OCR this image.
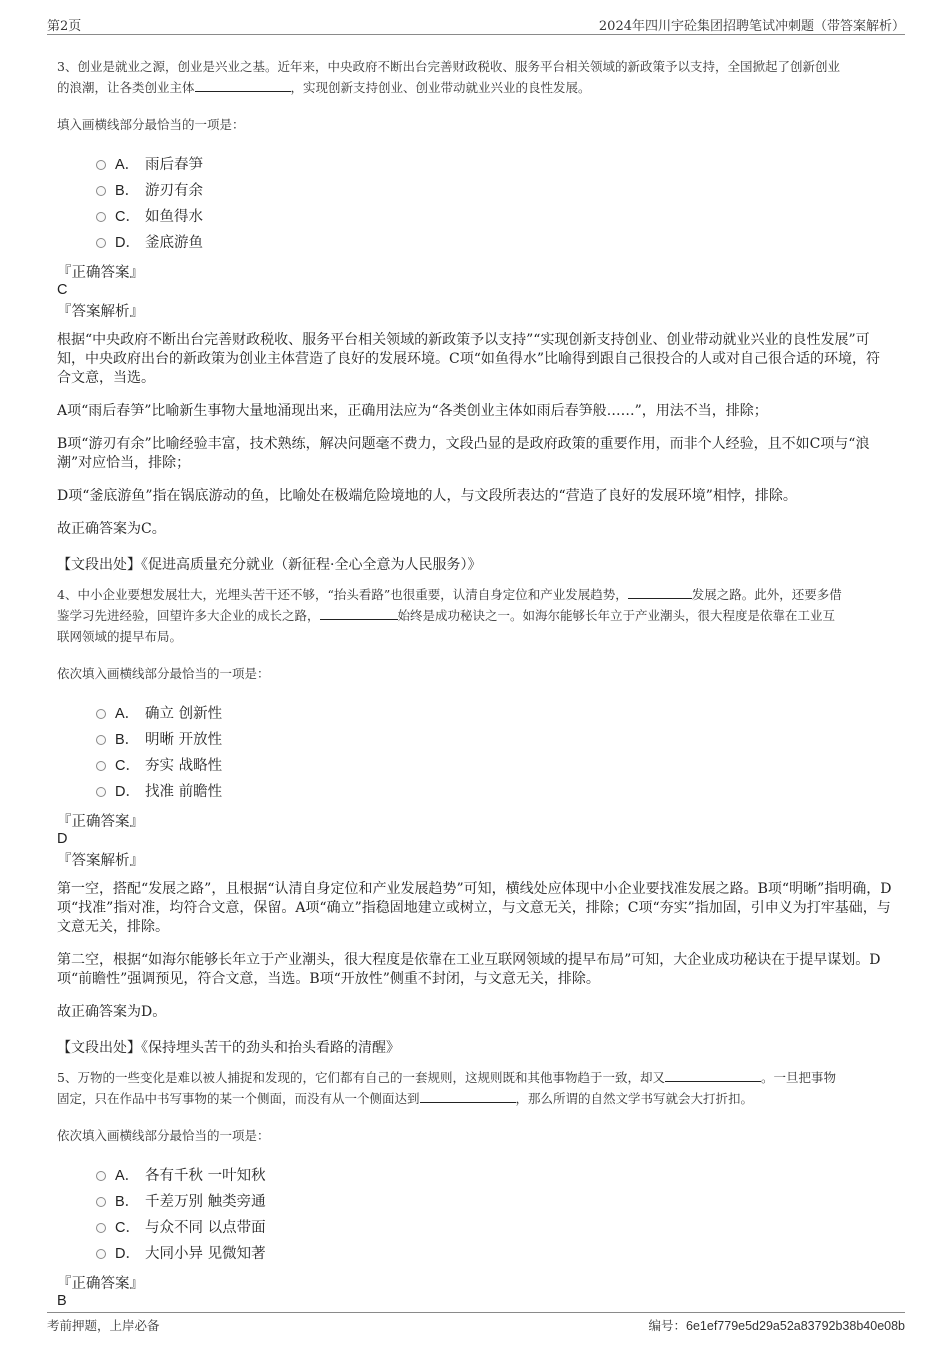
第2页	2024年四川宇砼集团招聘笔试冲刺题（带答案解析）

3、创业是就业之源，创业是兴业之基。近年来，中央政府不断出台完善财政税收、服务平台相关领域的新政策予以支持，全国掀起了创新创业
的浪潮，让各类创业主体	，实现创新支持创业、创业带动就业兴业的良性发展。

填入画横线部分最恰当的一项是：

A． 雨后春笋
B． 游刃有余
C． 如鱼得水
D． 釜底游鱼

『正确答案』

C

『答案解析』

根据“中央政府不断出台完善财政税收、服务平台相关领域的新政策予以支持”“实现创新支持创业、创业带动就业兴业的良性发展”可知，中央政府出台的新政策为创业主体营造了良好的发展环境。C项“如鱼得水”比喻得到跟自己很投合的人或对自己很合适的环境，符合文意，当选。

A项“雨后春笋”比喻新生事物大量地涌现出来，正确用法应为“各类创业主体如雨后春笋般……”，用法不当，排除；

B项“游刃有余”比喻经验丰富，技术熟练，解决问题毫不费力，文段凸显的是政府政策的重要作用，而非个人经验，且不如C项与“浪潮”对应恰当，排除；

D项“釜底游鱼”指在锅底游动的鱼，比喻处在极端危险境地的人，与文段所表达的“营造了良好的发展环境”相悖，排除。

故正确答案为C。

【文段出处】《促进高质量充分就业（新征程·全心全意为人民服务）》

4、中小企业要想发展壮大，光埋头苦干还不够，“抬头看路”也很重要，认清自身定位和产业发展趋势，	发展之路。此外，还要多借
鉴学习先进经验，回望许多大企业的成长之路，	始终是成功秘诀之一。如海尔能够长年立于产业潮头，很大程度是依靠在工业互
联网领域的提早布局。

依次填入画横线部分最恰当的一项是：

A． 确立 创新性
B． 明晰 开放性
C． 夯实 战略性
D． 找准 前瞻性

『正确答案』

D

『答案解析』

第一空，搭配“发展之路”，且根据“认清自身定位和产业发展趋势”可知，横线处应体现中小企业要找准发展之路。B项“明晰”指明确，D项“找准”指对准，均符合文意，保留。A项“确立”指稳固地建立或树立，与文意无关，排除；C项“夯实”指加固，引申义为打牢基础，与文意无关，排除。

第二空，根据“如海尔能够长年立于产业潮头，很大程度是依靠在工业互联网领域的提早布局”可知，大企业成功秘诀在于提早谋划。D项“前瞻性”强调预见，符合文意，当选。B项“开放性”侧重不封闭，与文意无关，排除。

故正确答案为D。

【文段出处】《保持埋头苦干的劲头和抬头看路的清醒》

5、万物的一些变化是难以被人捕捉和发现的，它们都有自己的一套规则，这规则既和其他事物趋于一致，却又	。一旦把事物
固定，只在作品中书写事物的某一个侧面，而没有从一个侧面达到	，那么所谓的自然文学书写就会大打折扣。

依次填入画横线部分最恰当的一项是：

A． 各有千秋 一叶知秋
B． 千差万别 触类旁通
C． 与众不同 以点带面
D． 大同小异 见微知著

『正确答案』

B

考前押题，上岸必备	编号：6e1ef779e5d29a52a83792b38b40e08b
